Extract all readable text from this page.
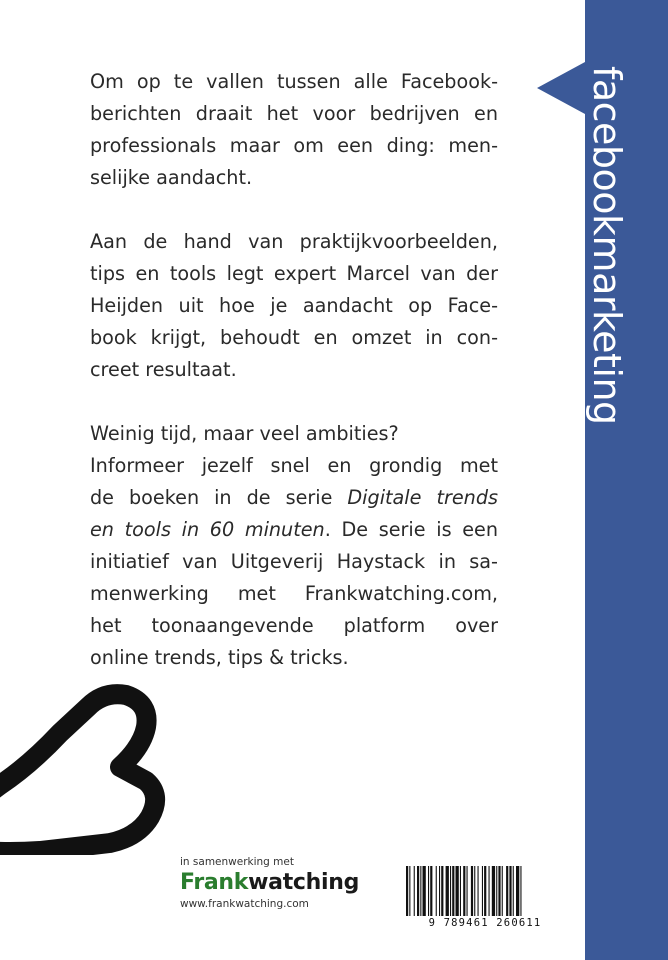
facebookmarketing
Om op te vallen tussen alle Facebook-
berichten draait het voor bedrijven en
professionals maar om een ding: men-
selijke aandacht.
Aan de hand van praktijkvoorbeelden,
tips en tools legt expert Marcel van der
Heijden uit hoe je aandacht op Face-
book krijgt, behoudt en omzet in con-
creet resultaat.
Weinig tijd, maar veel ambities?
Informeer jezelf snel en grondig met
de boeken in de serie Digitale trends
en tools in 60 minuten. De serie is een
initiatief van Uitgeverij Haystack in sa-
menwerking met Frankwatching.com,
het toonaangevende platform over
online trends, tips & tricks.
in samenwerking met
Frankwatching
www.frankwatching.com
9 789461 260611
